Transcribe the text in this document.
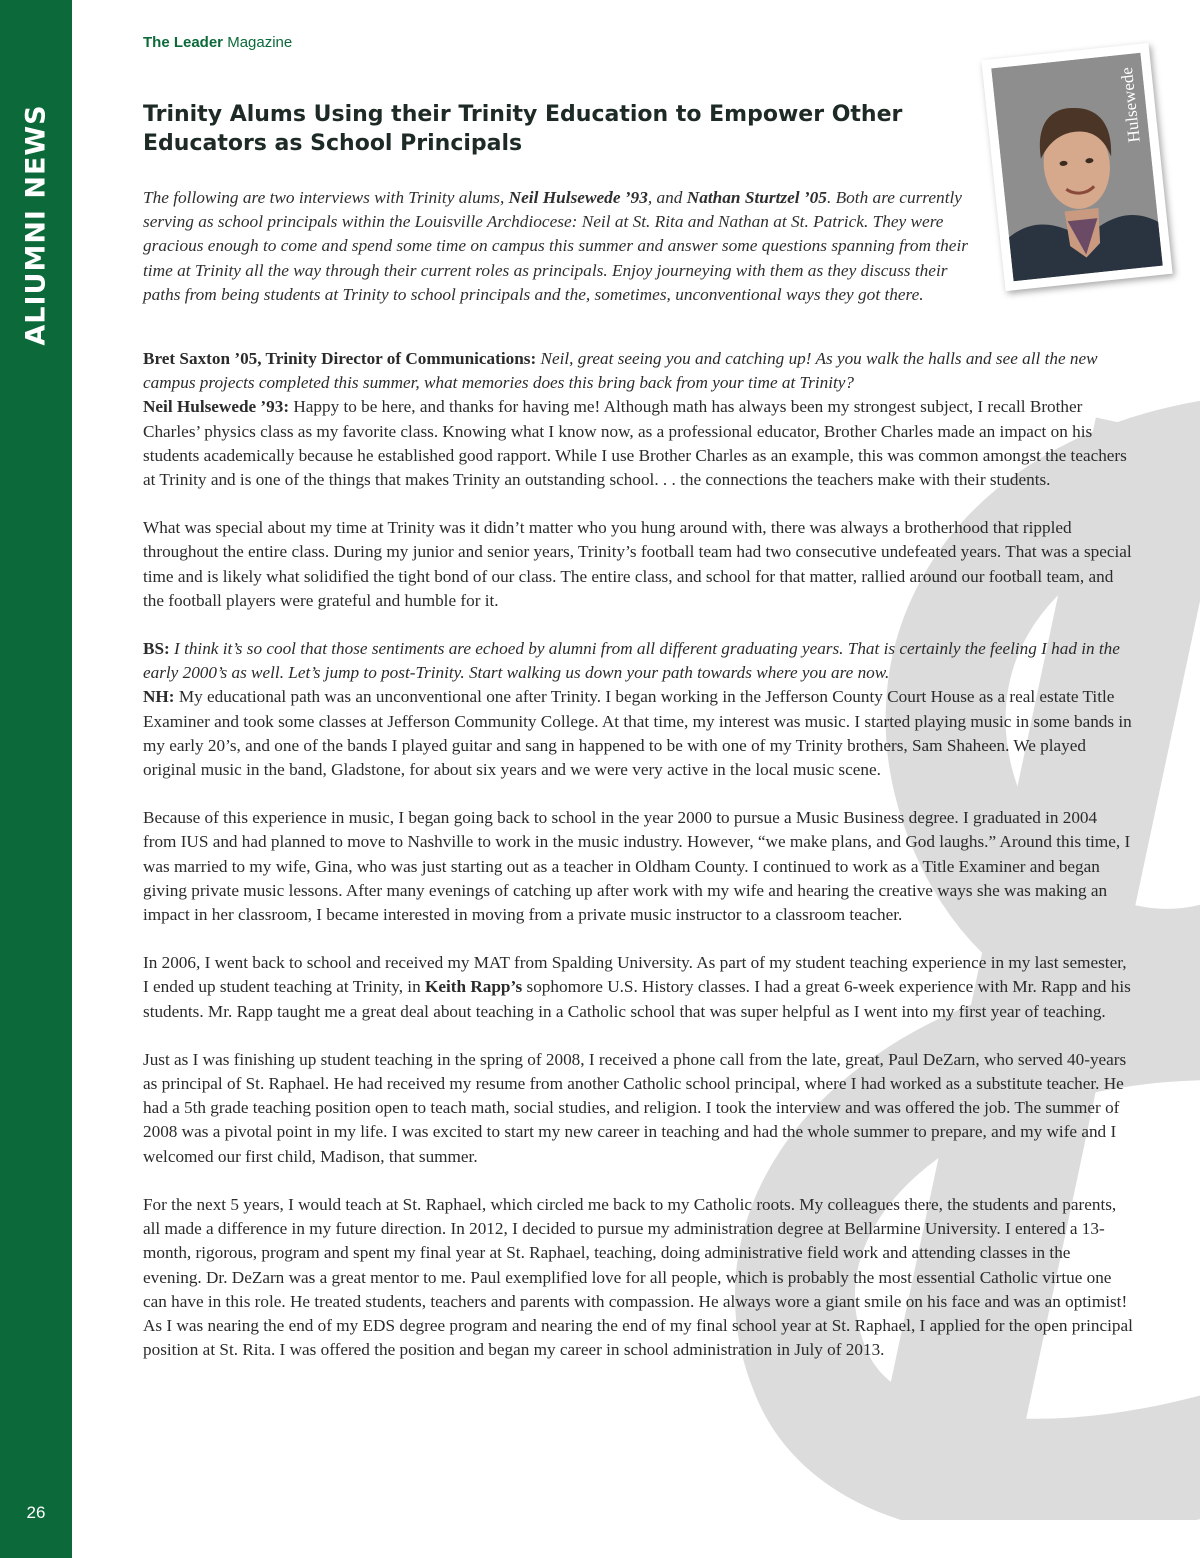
ALIUMNI NEWS
26
The Leader Magazine
Trinity Alums Using their Trinity Education to Empower Other
Educators as School Principals
Hulsewede

The following are two interviews with Trinity alums, Neil Hulsewede ’93, and Nathan Sturtzel ’05. Both are currently serving as school principals within the Louisville Archdiocese: Neil at St. Rita and Nathan at St. Patrick. They were gracious enough to come and spend some time on campus this summer and answer some questions spanning from their time at Trinity all the way through their current roles as principals. Enjoy journeying with them as they discuss their paths from being students at Trinity to school principals and the, sometimes, unconventional ways they got there.

Bret Saxton ’05, Trinity Director of Communications: Neil, great seeing you and catching up! As you walk the halls and see all the new campus projects completed this summer, what memories does this bring back from your time at Trinity?
Neil Hulsewede ’93: Happy to be here, and thanks for having me! Although math has always been my strongest subject, I recall Brother Charles’ physics class as my favorite class. Knowing what I know now, as a professional educator, Brother Charles made an impact on his students academically because he established good rapport. While I use Brother Charles as an example, this was common amongst the teachers at Trinity and is one of the things that makes Trinity an outstanding school. . . the connections the teachers make with their students.

What was special about my time at Trinity was it didn’t matter who you hung around with, there was always a brotherhood that rippled throughout the entire class. During my junior and senior years, Trinity’s football team had two consecutive undefeated years. That was a special time and is likely what solidified the tight bond of our class. The entire class, and school for that matter, rallied around our football team, and the football players were grateful and humble for it.

BS: I think it’s so cool that those sentiments are echoed by alumni from all different graduating years. That is certainly the feeling I had in the early 2000’s as well. Let’s jump to post-Trinity. Start walking us down your path towards where you are now.
NH: My educational path was an unconventional one after Trinity. I began working in the Jefferson County Court House as a real estate Title Examiner and took some classes at Jefferson Community College. At that time, my interest was music. I started playing music in some bands in my early 20’s, and one of the bands I played guitar and sang in happened to be with one of my Trinity brothers, Sam Shaheen. We played original music in the band, Gladstone, for about six years and we were very active in the local music scene.

Because of this experience in music, I began going back to school in the year 2000 to pursue a Music Business degree. I graduated in 2004 from IUS and had planned to move to Nashville to work in the music industry. However, “we make plans, and God laughs.” Around this time, I was married to my wife, Gina, who was just starting out as a teacher in Oldham County. I continued to work as a Title Examiner and began giving private music lessons. After many evenings of catching up after work with my wife and hearing the creative ways she was making an impact in her classroom, I became interested in moving from a private music instructor to a classroom teacher.

In 2006, I went back to school and received my MAT from Spalding University. As part of my student teaching experience in my last semester, I ended up student teaching at Trinity, in Keith Rapp’s sophomore U.S. History classes. I had a great 6-week experience with Mr. Rapp and his students. Mr. Rapp taught me a great deal about teaching in a Catholic school that was super helpful as I went into my first year of teaching.

Just as I was finishing up student teaching in the spring of 2008, I received a phone call from the late, great, Paul DeZarn, who served 40-years as principal of St. Raphael. He had received my resume from another Catholic school principal, where I had worked as a substitute teacher. He had a 5th grade teaching position open to teach math, social studies, and religion. I took the interview and was offered the job. The summer of 2008 was a pivotal point in my life. I was excited to start my new career in teaching and had the whole summer to prepare, and my wife and I welcomed our first child, Madison, that summer.

For the next 5 years, I would teach at St. Raphael, which circled me back to my Catholic roots. My colleagues there, the students and parents, all made a difference in my future direction. In 2012, I decided to pursue my administration degree at Bellarmine University. I entered a 13-month, rigorous, program and spent my final year at St. Raphael, teaching, doing administrative field work and attending classes in the evening. Dr. DeZarn was a great mentor to me. Paul exemplified love for all people, which is probably the most essential Catholic virtue one can have in this role. He treated students, teachers and parents with compassion. He always wore a giant smile on his face and was an optimist! As I was nearing the end of my EDS degree program and nearing the end of my final school year at St. Raphael, I applied for the open principal position at St. Rita. I was offered the position and began my career in school administration in July of 2013.
